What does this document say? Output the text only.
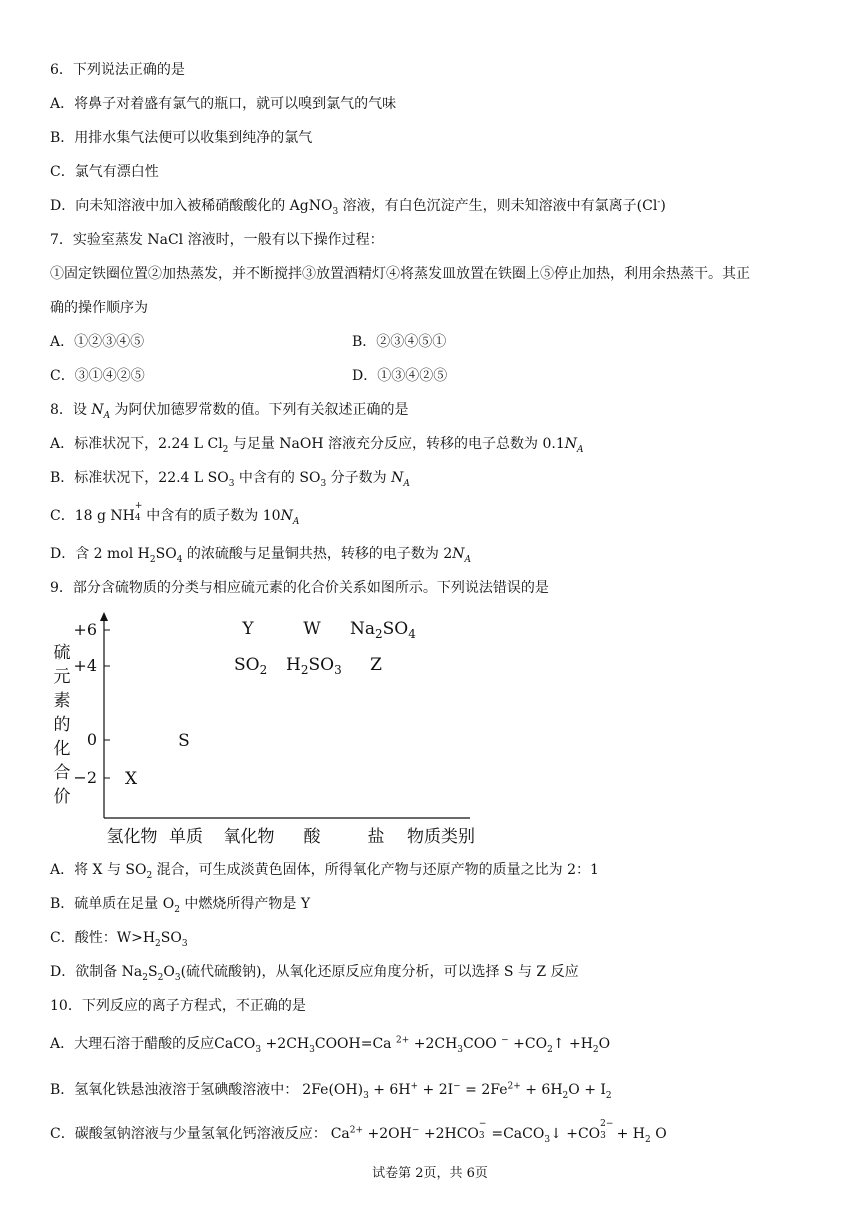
6．下列说法正确的是
A．将鼻子对着盛有氯气的瓶口，就可以嗅到氯气的气味
B．用排水集气法便可以收集到纯净的氯气
C．氯气有漂白性
D．向未知溶液中加入被稀硝酸酸化的 AgNO$_3$ 溶液，有白色沉淀产生，则未知溶液中有氯离子(Cl-)
7．实验室蒸发 NaCl 溶液时，一般有以下操作过程：
①固定铁圈位置②加热蒸发，并不断搅拌③放置酒精灯④将蒸发皿放置在铁圈上⑤停止加热，利用余热蒸干。其正
确的操作顺序为
A．①②③④⑤	B．②③④⑤①
C．③①④②⑤	D．①③④②⑤
8．设 $N_A$ 为阿伏加德罗常数的值。下列有关叙述正确的是
A．标准状况下，2.24 L $Cl_2$ 与足量 NaOH 溶液充分反应，转移的电子总数为 $0.1N_A$
B．标准状况下，22.4 L $SO_3$ 中含有的 $SO_3$ 分子数为 $N_A$
C．18 g NH
+
4 中含有的质子数为 $10N_A$
D．含 2 mol $H_2SO_4$ 的浓硫酸与足量铜共热，转移的电子数为 $2N_A$
9．部分含硫物质的分类与相应硫元素的化合价关系如图所示。下列说法错误的是
硫
元
素
的
化
合
价
+6
+4
0
−2
氢化物 单质 氧化物 酸	盐 物质类别
Y	W $Na_2SO_4$
$SO_2$ $H_2SO_3$ Z
S
X
A．将 X 与 $SO_2$ 混合，可生成淡黄色固体，所得氧化产物与还原产物的质量之比为 2：1
B．硫单质在足量 $O_2$ 中燃烧所得产物是 Y
C．酸性：$W>H_2SO_3$
D．欲制备 $Na_2S_2O_3$(硫代硫酸钠)，从氧化还原反应角度分析，可以选择 S 与 Z 反应
10．下列反应的离子方程式，不正确的是
A．大理石溶于醋酸的反应CaCO$_3$ $+2CH_3COOH=Ca$ $^{2+} +2CH_3COO$ $^- +CO_2↑ +H_2O$
B．氢氧化铁悬浊液溶于氢碘酸溶液中： $2Fe(OH)_3 + 6H^+ + 2I^- = 2Fe^{2+} + 6H_2O + I_2$
C．碳酸氢钠溶液与少量氢氧化钙溶液反应： $Ca^{2+} +2OH^- +2HCO$
−
3 =CaCO$_3$↓ +CO
2−
$3 + H_2$ O
试卷第 2页，共 6页
